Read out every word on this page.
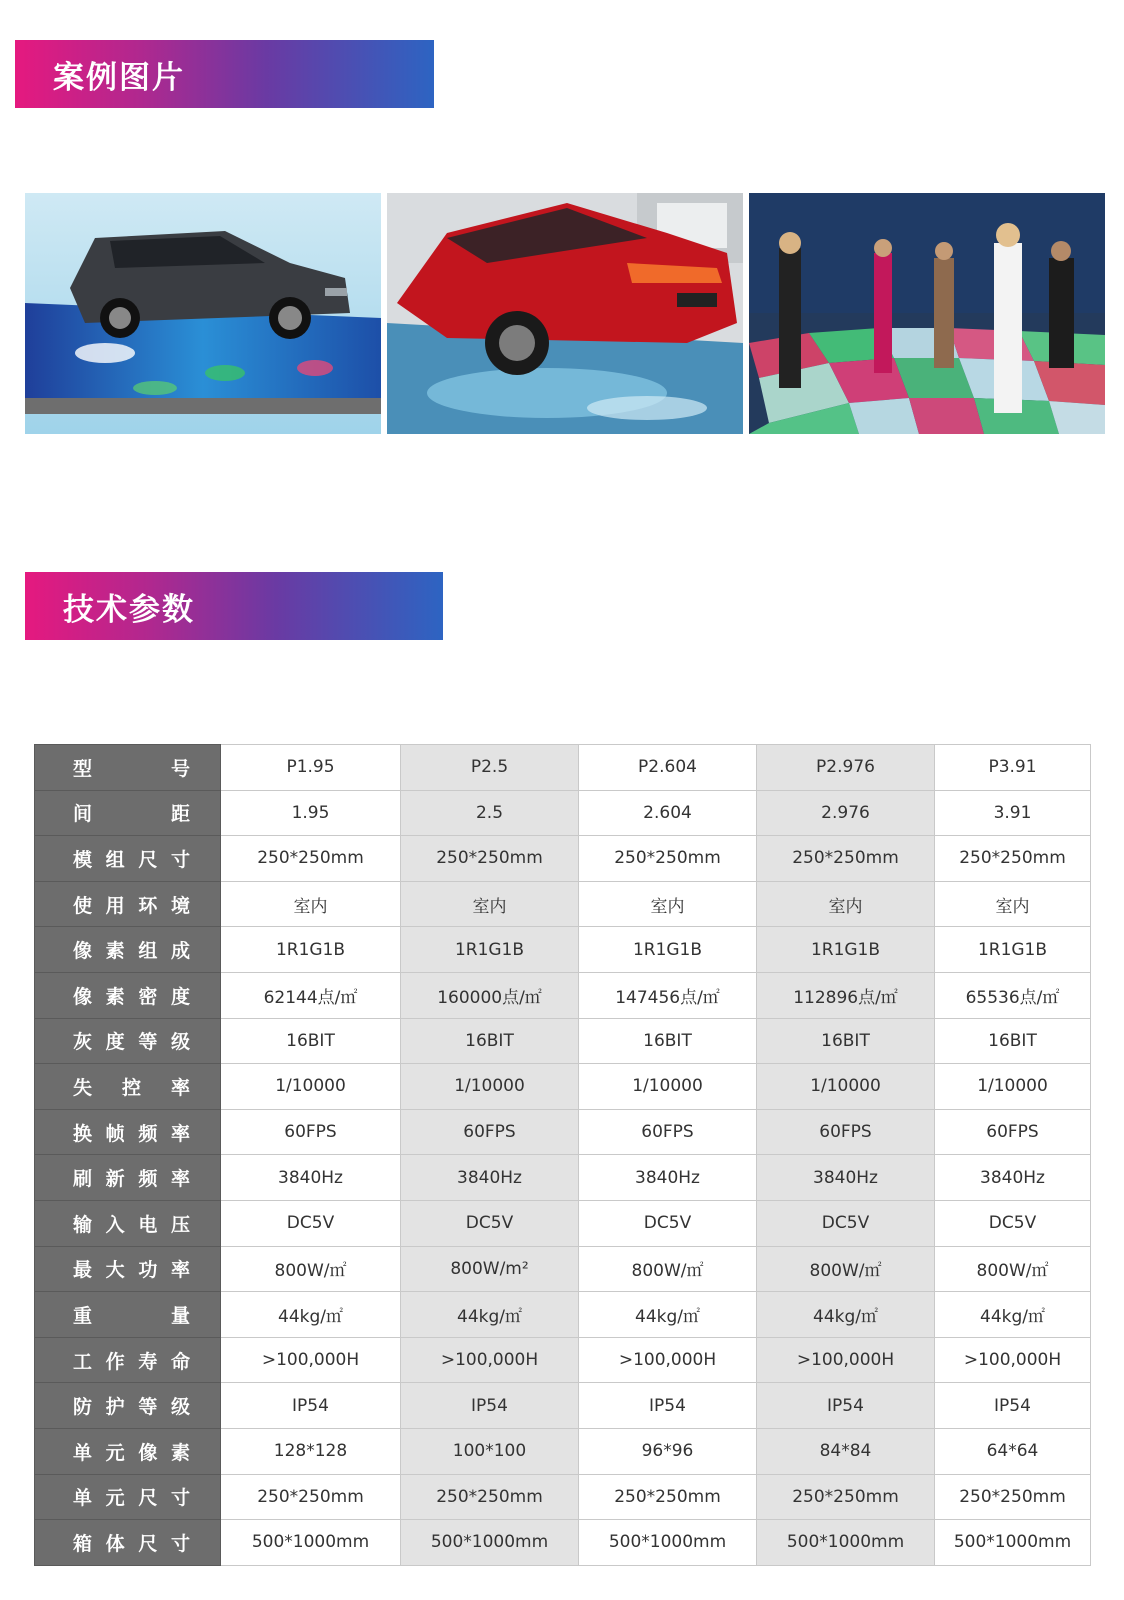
案例图片
技术参数
型 号	P1.95	P2.5	P2.604	P2.976	P3.91

间 距	1.95	2.5	2.604	2.976	3.91

模 组 尺 寸	250*250mm	250*250mm	250*250mm	250*250mm	250*250mm

使 用 环 境	室内	室内	室内	室内	室内

像 素 组 成	1R1G1B	1R1G1B	1R1G1B	1R1G1B	1R1G1B

像 素 密 度	62144点/㎡	160000点/㎡	147456点/㎡	112896点/㎡	65536点/㎡

灰 度 等 级	16BIT	16BIT	16BIT	16BIT	16BIT

失 控 率	1/10000	1/10000	1/10000	1/10000	1/10000

换 帧 频 率	60FPS	60FPS	60FPS	60FPS	60FPS

刷 新 频 率	3840Hz	3840Hz	3840Hz	3840Hz	3840Hz

输 入 电 压	DC5V	DC5V	DC5V	DC5V	DC5V

最 大 功 率	800W/㎡	800W/m²	800W/㎡	800W/㎡	800W/㎡

重 量	44kg/㎡	44kg/㎡	44kg/㎡	44kg/㎡	44kg/㎡

工 作 寿 命	>100,000H	>100,000H	>100,000H	>100,000H	>100,000H

防 护 等 级	IP54	IP54	IP54	IP54	IP54

单 元 像 素	128*128	100*100	96*96	84*84	64*64

单 元 尺 寸	250*250mm	250*250mm	250*250mm	250*250mm	250*250mm

箱 体 尺 寸	500*1000mm	500*1000mm	500*1000mm	500*1000mm	500*1000mm
